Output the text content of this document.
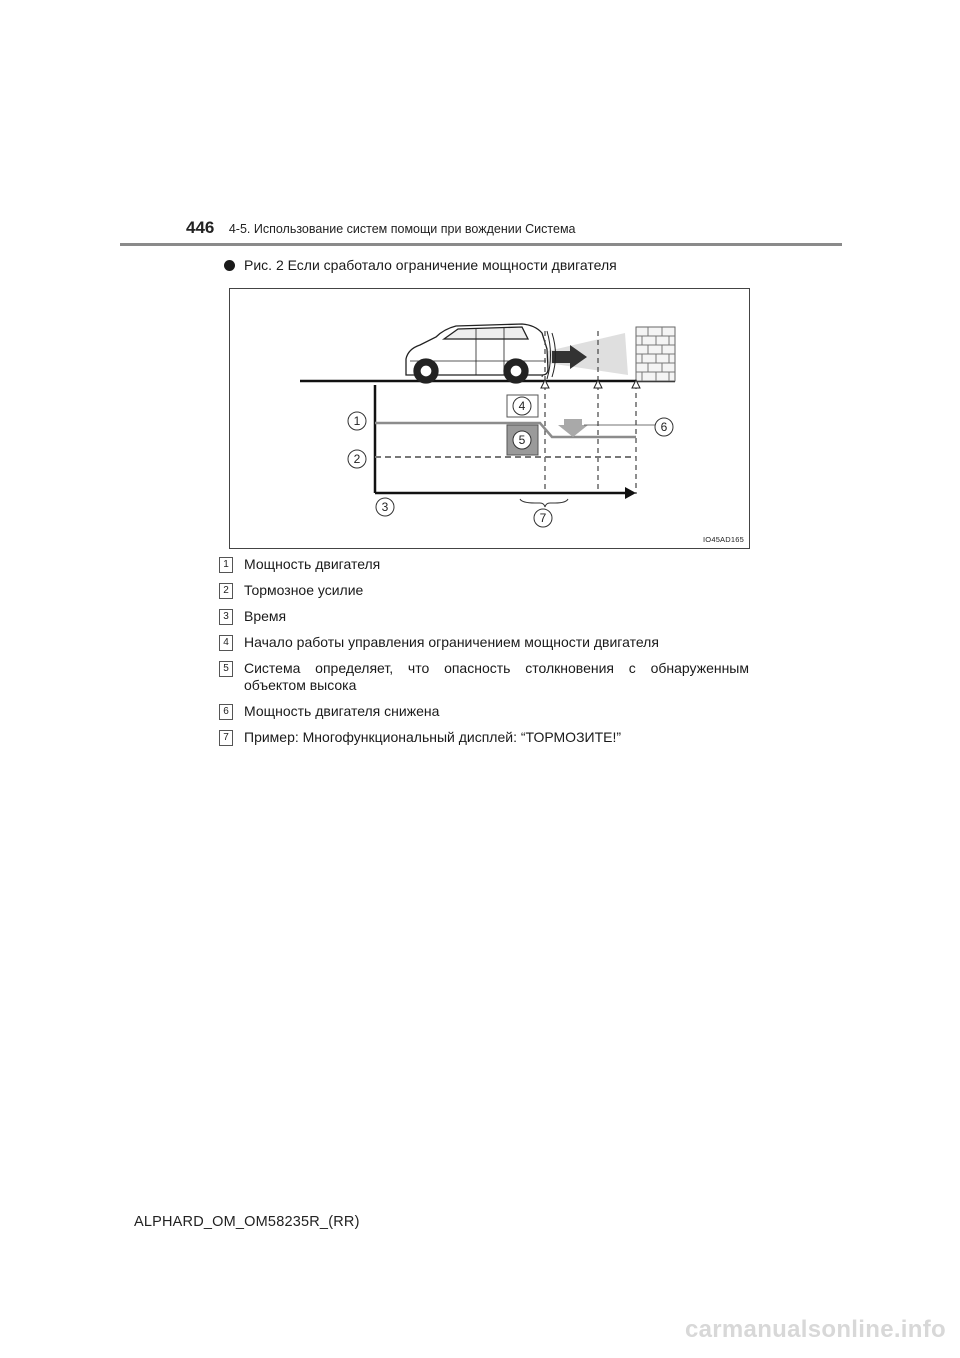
446 4-5. Использование систем помощи при вождении Система
Рис. 2 Если сработало ограничение мощности двигателя
1
2
3
4
5
6
7
IO45AD165
1	Мощность двигателя
2	Тормозное усилие
3	Время
4	Начало работы управления ограничением мощности двигателя
5	Система определяет, что опасность столкновения с обнаруженным объектом высока
6	Мощность двигателя снижена
7	Пример: Многофункциональный дисплей: “ТОРМОЗИТЕ!”
ALPHARD_OM_OM58235R_(RR)
carmanualsonline.info
